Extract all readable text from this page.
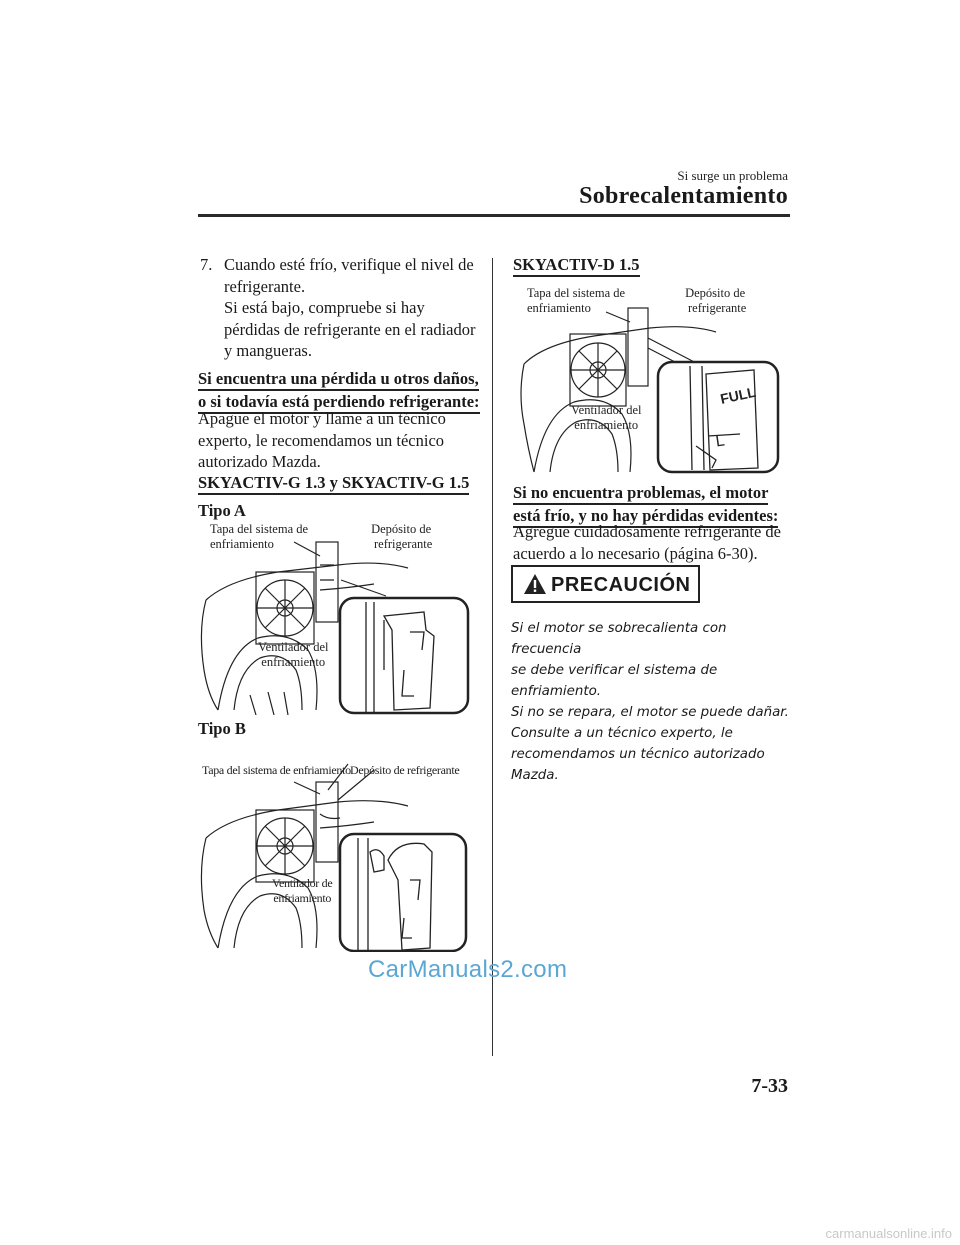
Si surge un problema
Sobrecalentamiento
7. Cuando esté frío, verifique el nivel de
refrigerante.
Si está bajo, compruebe si hay
pérdidas de refrigerante en el radiador
y mangueras.
Si encuentra una pérdida u otros daños,
o si todavía está perdiendo refrigerante:
Apague el motor y llame a un técnico
experto, le recomendamos un técnico
autorizado Mazda.
SKYACTIV-G 1.3 y SKYACTIV-G 1.5
Tipo A
Tapa del sistema de
enfriamiento
Depósito de
refrigerante
Ventilador del
enfriamiento
Tipo B
Tapa del sistema de enfriamiento Depósito de refrigerante
Ventilador de
enfriamiento
SKYACTIV-D 1.5
FULL
L
Tapa del sistema de
enfriamiento
Depósito de
refrigerante
Ventilador del
enfriamiento
Si no encuentra problemas, el motor
está frío, y no hay pérdidas evidentes:
Agregue cuidadosamente refrigerante de
acuerdo a lo necesario (página 6-30).
PRECAUCIÓN
Si el motor se sobrecalienta con frecuencia
se debe verificar el sistema de enfriamiento.
Si no se repara, el motor se puede dañar.
Consulte a un técnico experto, le
recomendamos un técnico autorizado
Mazda.
CarManuals2.com
7-33
carmanualsonline.info
